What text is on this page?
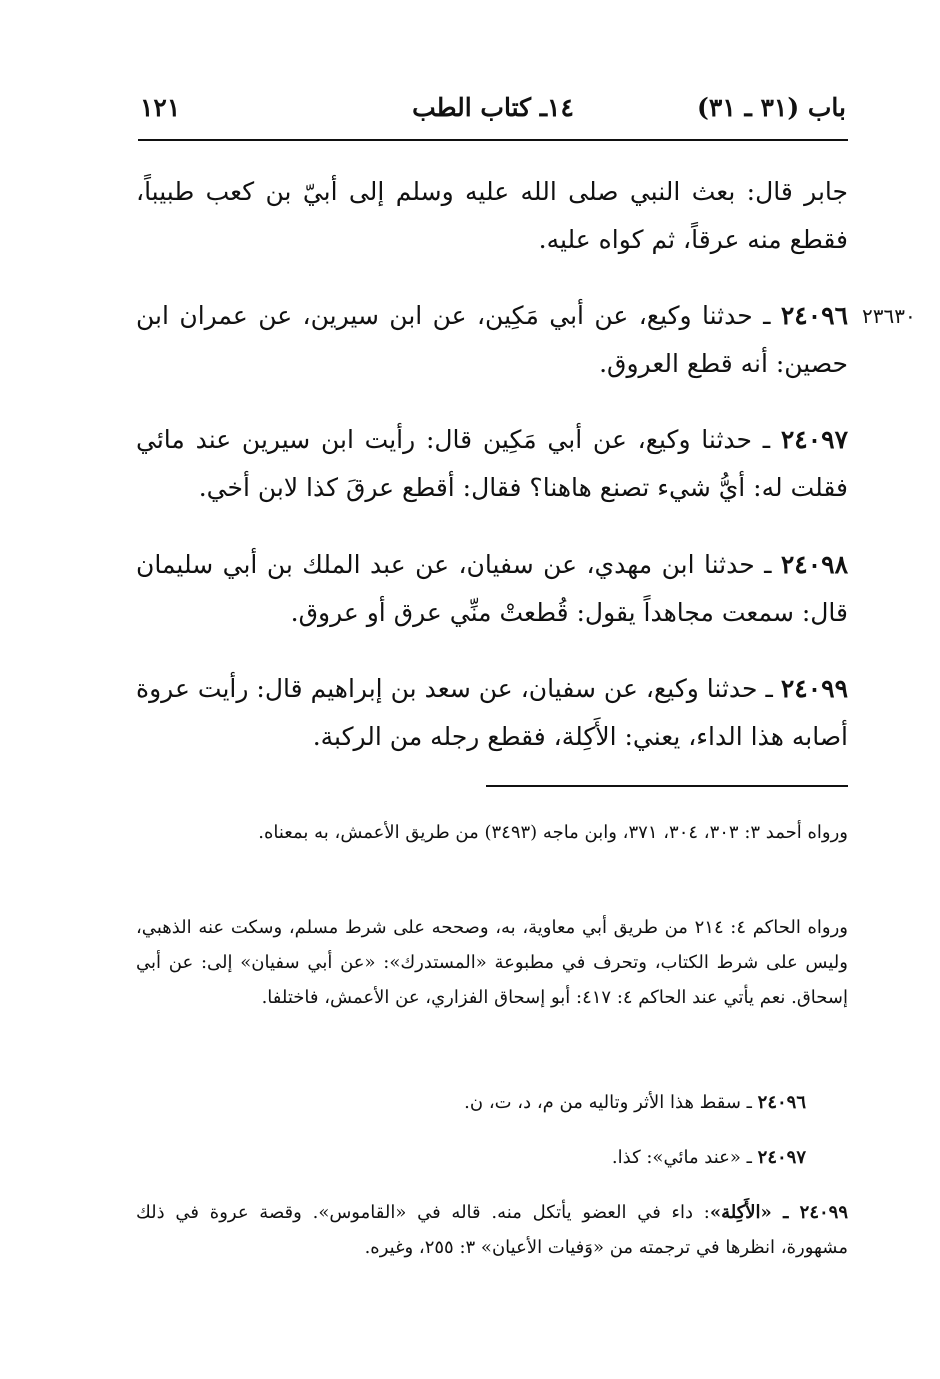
باب (٣١ ـ ٣١)
١٤ـ كتاب الطب
١٢١

جابر قال: بعث النبي صلى الله عليه وسلم إلى أبيّ بن كعب طبيباً، فقطع منه عرقاً، ثم كواه عليه.

٢٣٦٣٠

٢٤٠٩٦ ـ حدثنا وكيع، عن أبي مَكِين، عن ابن سيرين، عن عمران ابن حصين: أنه قطع العروق.

٢٤٠٩٧ ـ حدثنا وكيع، عن أبي مَكِين قال: رأيت ابن سيرين عند مائي فقلت له: أيُّ شيء تصنع هاهنا؟ فقال: أقطع عرقَ كذا لابن أخي.

٢٤٠٩٨ ـ حدثنا ابن مهدي، عن سفيان، عن عبد الملك بن أبي سليمان قال: سمعت مجاهداً يقول: قُطعتْ منِّي عرق أو عروق.

٢٤٠٩٩ ـ حدثنا وكيع، عن سفيان، عن سعد بن إبراهيم قال: رأيت عروة أصابه هذا الداء، يعني: الأَكِلة، فقطع رجله من الركبة.

ورواه أحمد ٣: ٣٠٣، ٣٠٤، ٣٧١، وابن ماجه (٣٤٩٣) من طريق الأعمش، به بمعناه.

ورواه الحاكم ٤: ٢١٤ من طريق أبي معاوية، به، وصححه على شرط مسلم، وسكت عنه الذهبي، وليس على شرط الكتاب، وتحرف في مطبوعة «المستدرك»: «عن أبي سفيان» إلى: عن أبي إسحاق. نعم يأتي عند الحاكم ٤: ٤١٧: أبو إسحاق الفزاري، عن الأعمش، فاختلفا.

٢٤٠٩٦ ـ سقط هذا الأثر وتاليه من م، د، ت، ن.

٢٤٠٩٧ ـ «عند مائي»: كذا.

٢٤٠٩٩ ـ «الأَكِلة»: داء في العضو يأتكل منه. قاله في «القاموس». وقصة عروة في ذلك مشهورة، انظرها في ترجمته من «وَفيات الأعيان» ٣: ٢٥٥، وغيره.
